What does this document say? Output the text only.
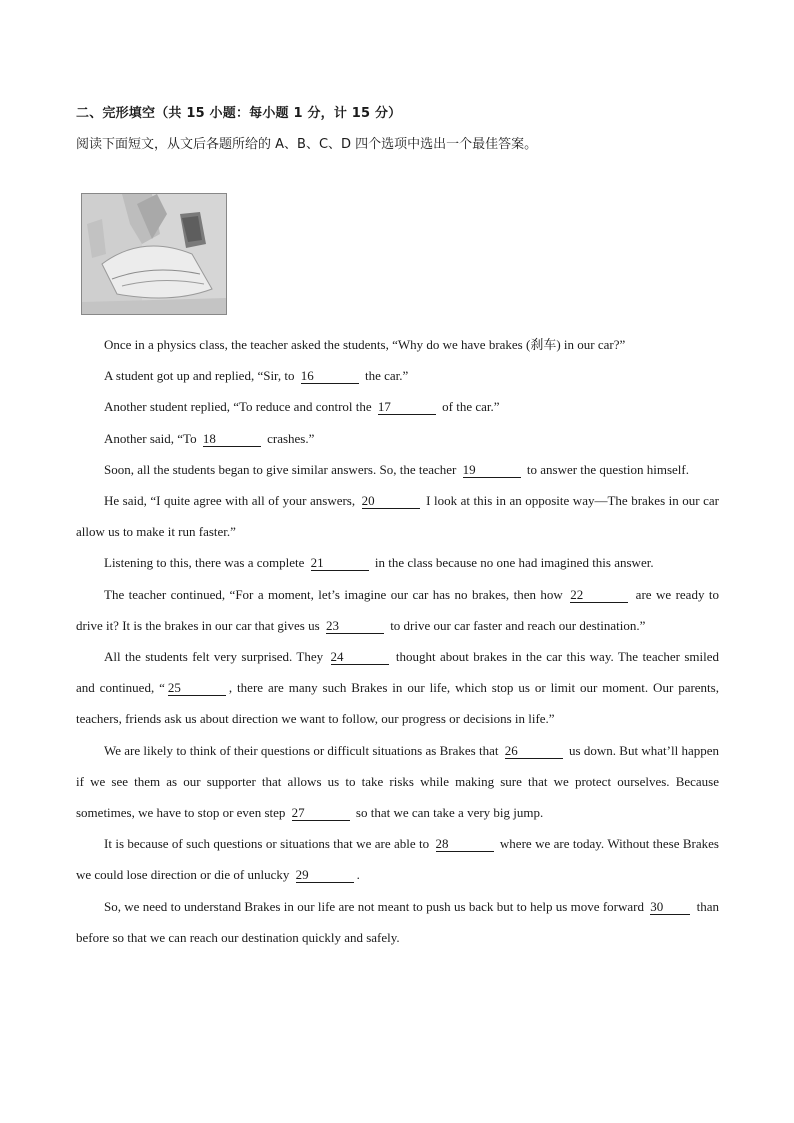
二、完形填空（共 15 小题：每小题 1 分，计 15 分）
阅读下面短文，从文后各题所给的 A、B、C、D 四个选项中选出一个最佳答案。

Once in a physics class, the teacher asked the students, “Why do we have brakes (刹车) in our car?”

A student got up and replied, “Sir, to 16	the car.”

Another student replied, “To reduce and control the 17	of the car.”

Another said, “To 18	crashes.”

Soon, all the students began to give similar answers. So, the teacher 19	to answer the question himself.

He said, “I quite agree with all of your answers, 20	I look at this in an opposite way—The brakes in our car allow us to make it run faster.”

Listening to this, there was a complete 21	in the class because no one had imagined this answer.

The teacher continued, “For a moment, let’s imagine our car has no brakes, then how 22	are we ready to drive it? It is the brakes in our car that gives us 23	to drive our car faster and reach our destination.”

All the students felt very surprised. They 24	thought about brakes in the car this way. The teacher smiled and continued, “ 25	, there are many such Brakes in our life, which stop us or limit our moment. Our parents, teachers, friends ask us about direction we want to follow, our progress or decisions in life.”

We are likely to think of their questions or difficult situations as Brakes that 26	us down. But what’ll happen if we see them as our supporter that allows us to take risks while making sure that we protect ourselves. Because sometimes, we have to stop or even step 27	so that we can take a very big jump.

It is because of such questions or situations that we are able to 28	where we are today. Without these Brakes we could lose direction or die of unlucky 29	.

So, we need to understand Brakes in our life are not meant to push us back but to help us move forward 30 than before so that we can reach our destination quickly and safely.
